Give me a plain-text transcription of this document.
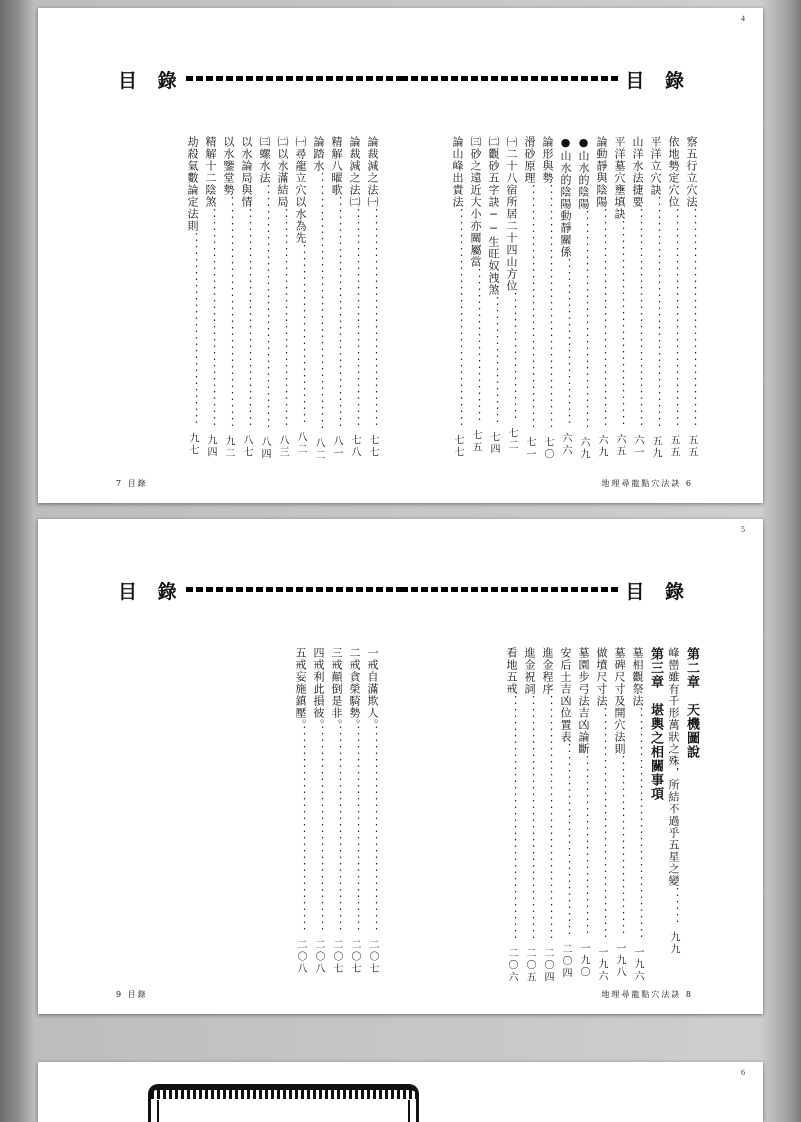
4
目 錄	目 錄
察五行立穴法．．．．．．．．．．．．．．．．．．．．．．．．．．．．．．．．．．五五
依地勢定穴位．．．．．．．．．．．．．．．．．．．．．．．．．．．．．．．．．．五五
平洋立穴訣．．．．．．．．．．．．．．．．．．．．．．．．．．．．．．．．．．．．五九
山洋水法捷要．．．．．．．．．．．．．．．．．．．．．．．．．．．．．．．．．．六一
平洋墓穴壅填訣．．．．．．．．．．．．．．．．．．．．．．．．．．．．．．．．六五
論動靜與陰陽．．．．．．．．．．．．．．．．．．．．．．．．．．．．．．．．．．六九
●山水的陰陽．．．．．．．．．．．．．．．．．．．．．．．．．．．．．．．．．．六九
●山水的陰陽動靜關係．．．．．．．．．．．．．．．．．．．．．．．．．．六六
論形與勢．．．．．．．．．．．．．．．．．．．．．．．．．．．．．．．．．．．．．．七〇
滑砂原理．．．．．．．．．．．．．．．．．．．．．．．．．．．．．．．．．．．．．．七一
㈠二十八宿所居二十四山方位．．．．．．．．．．．．．．．．．．．．七二
㈡觀砂五字訣──生旺奴洩煞．．．．．．．．．．．．．．．．．．．．七四
㈢砂之遠近大小亦關屬當．．．．．．．．．．．．．．．．．．．．．．．．七五
論山峰出貴法．．．．．．．．．．．．．．．．．．．．．．．．．．．．．．．．．．七七
論裁減之法㈠．．．．．．．．．．．．．．．．．．．．．．．．．．．．．．．．．．七七
論裁減之法㈡．．．．．．．．．．．．．．．．．．．．．．．．．．．．．．．．．．七八
精解八曜歌．．．．．．．．．．．．．．．．．．．．．．．．．．．．．．．．．．．．八一
論踏水．．．．．．．．．．．．．．．．．．．．．．．．．．．．．．．．．．．．．．．．八二
㈠尋龍立穴以水為先．．．．．．．．．．．．．．．．．．．．．．．．．．．．八二
㈡以水滿結局．．．．．．．．．．．．．．．．．．．．．．．．．．．．．．．．．．八三
㈢螺水法．．．．．．．．．．．．．．．．．．．．．．．．．．．．．．．．．．．．．．八四
以水論局與情．．．．．．．．．．．．．．．．．．．．．．．．．．．．．．．．．．八七
以水鑒堂勢．．．．．．．．．．．．．．．．．．．．．．．．．．．．．．．．．．．．九二
精解十二陰煞．．．．．．．．．．．．．．．．．．．．．．．．．．．．．．．．．．九四
劫殺氣數論定法則．．．．．．．．．．．．．．．．．．．．．．．．．．．．．．九七
7 目錄	地理尋龍點穴法訣 6
5
目 錄	目 錄
第二章　天機圖說
峰巒雖有千形萬狀之殊，所結不過乎五星之變．．．．．．九九
第三章　堪輿之相關事項
墓相觀祭法．．．．．．．．．．．．．．．．．．．．．．．．．．．．．．．．．．．．一九六
墓碑尺寸及開穴法則．．．．．．．．．．．．．．．．．．．．．．．．．．．．一九八
做墳尺寸法．．．．．．．．．．．．．．．．．．．．．．．．．．．．．．．．．．．．一九六
墓園步弓法吉凶論斷．．．．．．．．．．．．．．．．．．．．．．．．．．．．一九〇
安后土吉凶位置表．．．．．．．．．．．．．．．．．．．．．．．．．．．．．．二〇四
進金程序．．．．．．．．．．．．．．．．．．．．．．．．．．．．．．．．．．．．．．二〇四
進金祝詞．．．．．．．．．．．．．．．．．．．．．．．．．．．．．．．．．．．．．．二〇五
看地五戒．．．．．．．．．．．．．．．．．．．．．．．．．．．．．．．．．．．．．．二〇六
一戒自滿欺人。．．．．．．．．．．．．．．．．．．．．．．．．．．．．．．．．二〇七
二戒貪榮騎勢。．．．．．．．．．．．．．．．．．．．．．．．．．．．．．．．．二〇七
三戒顛倒是非。．．．．．．．．．．．．．．．．．．．．．．．．．．．．．．．．二〇七
四戒利此損彼。．．．．．．．．．．．．．．．．．．．．．．．．．．．．．．．．二〇八
五戒妄施鎮壓。．．．．．．．．．．．．．．．．．．．．．．．．．．．．．．．．二〇八
9 目錄	地理尋龍點穴法訣 8
6
